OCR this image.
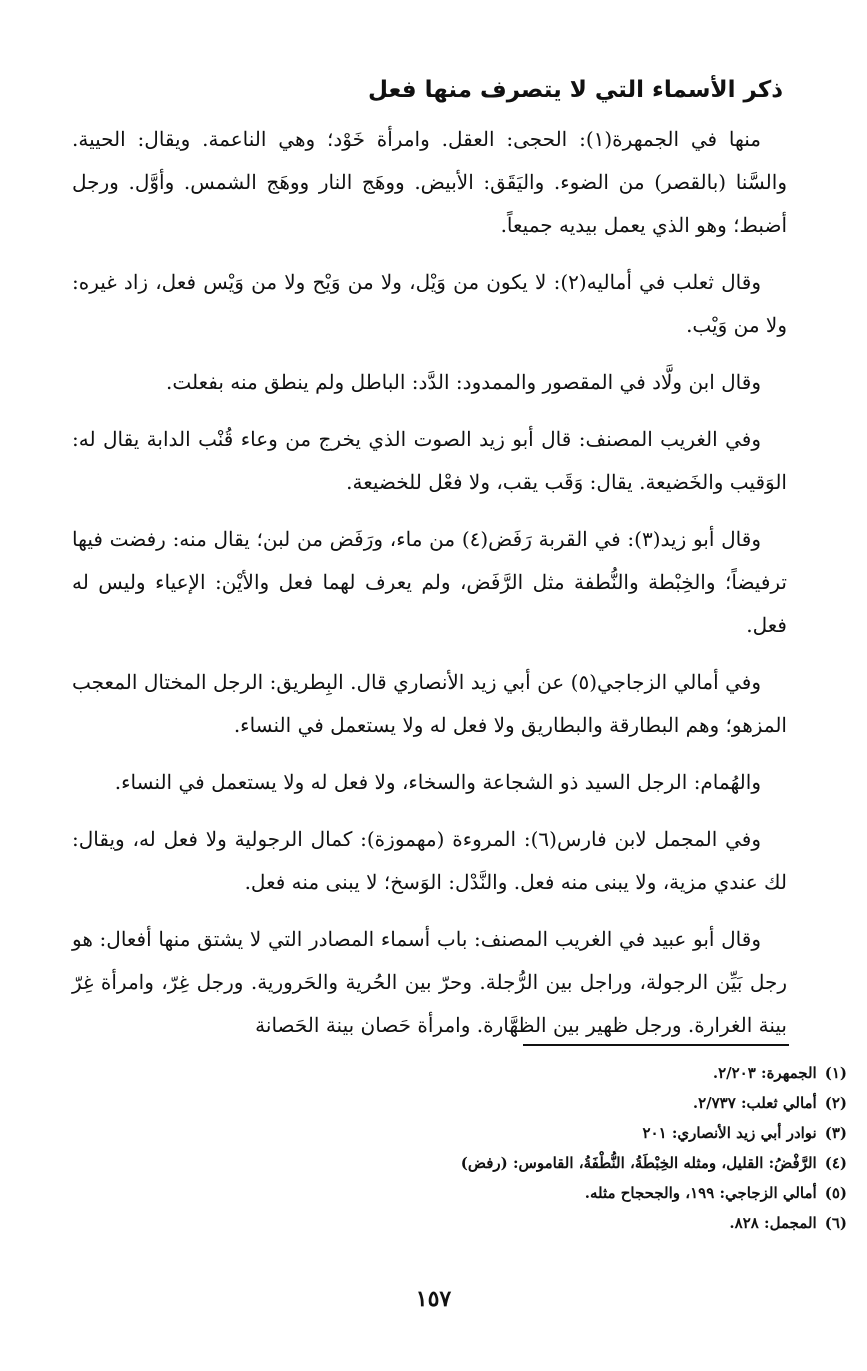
ذكر الأسماء التي لا يتصرف منها فعل

منها في الجمهرة(١): الحجى: العقل. وامرأة خَوْد؛ وهي الناعمة. ويقال: الحيية. والسَّنا (بالقصر) من الضوء. واليَقَق: الأبيض. ووهَج النار ووهَج الشمس. وأوَّل. ورجل أضبط؛ وهو الذي يعمل بيديه جميعاً.

وقال ثعلب في أماليه(٢): لا يكون من وَيْل، ولا من وَيْح ولا من وَيْس فعل، زاد غيره: ولا من وَيْب.

وقال ابن ولَّاد في المقصور والممدود: الدَّد: الباطل ولم ينطق منه بفعلت.

وفي الغريب المصنف: قال أبو زيد الصوت الذي يخرج من وعاء قُنْب الدابة يقال له: الوَقيب والخَضيعة. يقال: وَقَب يقب، ولا فعْل للخضيعة.

وقال أبو زيد(٣): في القربة رَفَض(٤) من ماء، ورَفَض من لبن؛ يقال منه: رفضت فيها ترفيضاً؛ والخِبْطة والنُّطفة مثل الرَّفَض، ولم يعرف لهما فعل والأيْن: الإعياء وليس له فعل.

وفي أمالي الزجاجي(٥) عن أبي زيد الأنصاري قال. البِطريق: الرجل المختال المعجب المزهو؛ وهم البطارقة والبطاريق ولا فعل له ولا يستعمل في النساء.

والهُمام: الرجل السيد ذو الشجاعة والسخاء، ولا فعل له ولا يستعمل في النساء.

وفي المجمل لابن فارس(٦): المروءة (مهموزة): كمال الرجولية ولا فعل له، ويقال: لك عندي مزية، ولا يبنى منه فعل. والنَّدْل: الوَسخ؛ لا يبنى منه فعل.

وقال أبو عبيد في الغريب المصنف: باب أسماء المصادر التي لا يشتق منها أفعال: هو رجل بَيِّن الرجولة، وراجل بين الرُّجلة. وحرّ بين الحُرية والحَرورية. ورجل غِرّ، وامرأة غِرّ بينة الغرارة. ورجل ظهير بين الظهَّارة. وامرأة حَصان بينة الحَصانة

(١)الجمهرة: ٢/٢٠٣.
(٢)أمالي ثعلب: ٢/٧٣٧.
(٣)نوادر أبي زيد الأنصاري: ٢٠١
(٤)الرَّفْضُ: القليل، ومثله الخِبْطَةُ، النُّطْفَةُ، القاموس: (رفض)
(٥)أمالي الزجاجي: ١٩٩، والجحجاح مثله.
(٦)المجمل: ٨٢٨.
١٥٧
